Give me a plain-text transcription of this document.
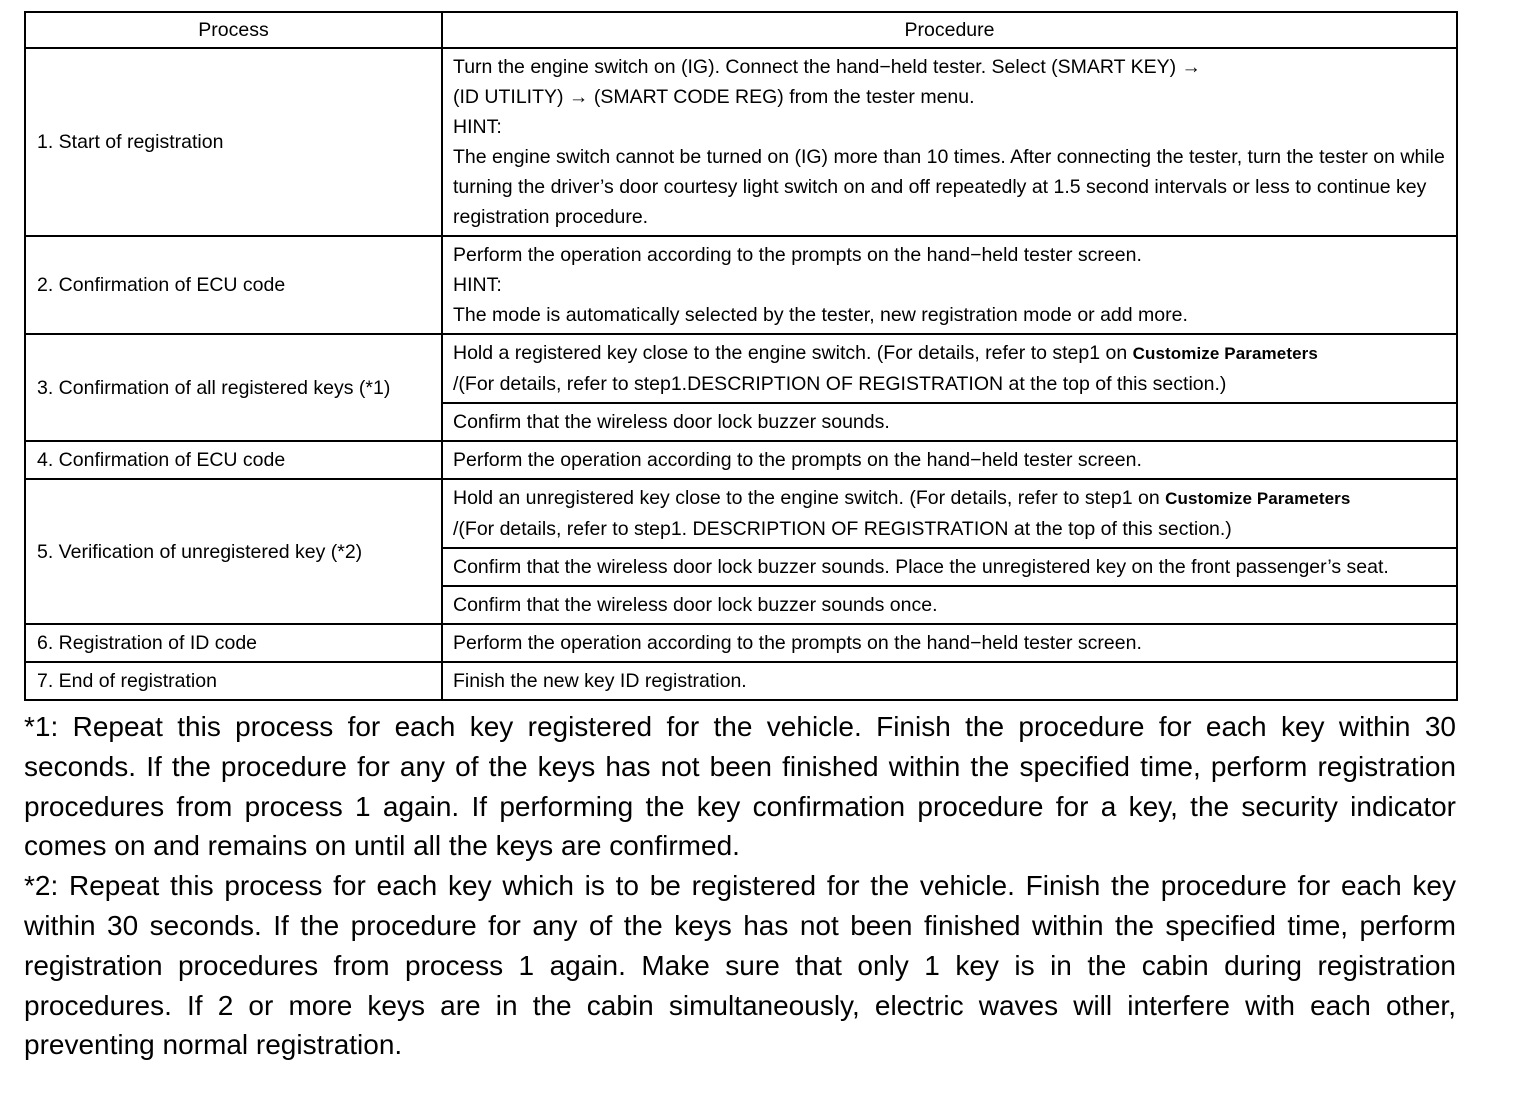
Process	Procedure
1. Start of registration	Turn the engine switch on (IG). Connect the hand−held tester. Select (SMART KEY) →
(ID UTILITY) → (SMART CODE REG) from the tester menu.
HINT:
The engine switch cannot be turned on (IG) more than 10 times. After connecting the tester, turn the tester on while turning the driver’s door courtesy light switch on and off repeatedly at 1.5 second intervals or less to continue key registration procedure.

2. Confirmation of ECU code	Perform the operation according to the prompts on the hand−held tester screen.
HINT:
The mode is automatically selected by the tester, new registration mode or add more.

3. Confirmation of all registered keys (*1)	Hold a registered key close to the engine switch. (For details, refer to step1 on Customize Parameters
/(For details, refer to step1.DESCRIPTION OF REGISTRATION at the top of this section.)

	Confirm that the wireless door lock buzzer sounds.

4. Confirmation of ECU code	Perform the operation according to the prompts on the hand−held tester screen.

5. Verification of unregistered key (*2)	Hold an unregistered key close to the engine switch. (For details, refer to step1 on Customize Parameters
/(For details, refer to step1. DESCRIPTION OF REGISTRATION at the top of this section.)

	Confirm that the wireless door lock buzzer sounds. Place the unregistered key on the front passenger’s seat.

	Confirm that the wireless door lock buzzer sounds once.

6. Registration of ID code	Perform the operation according to the prompts on the hand−held tester screen.

7. End of registration	Finish the new key ID registration.

*1: Repeat this process for each key registered for the vehicle. Finish the procedure for each key within 30 seconds. If the procedure for any of the keys has not been finished within the specified time, perform registration procedures from process 1 again. If performing the key confirmation procedure for a key, the security indicator comes on and remains on until all the keys are confirmed.

*2: Repeat this process for each key which is to be registered for the vehicle. Finish the procedure for each key within 30 seconds. If the procedure for any of the keys has not been finished within the specified time, perform registration procedures from process 1 again. Make sure that only 1 key is in the cabin during registration procedures. If 2 or more keys are in the cabin simultaneously, electric waves will interfere with each other, preventing normal registration.
